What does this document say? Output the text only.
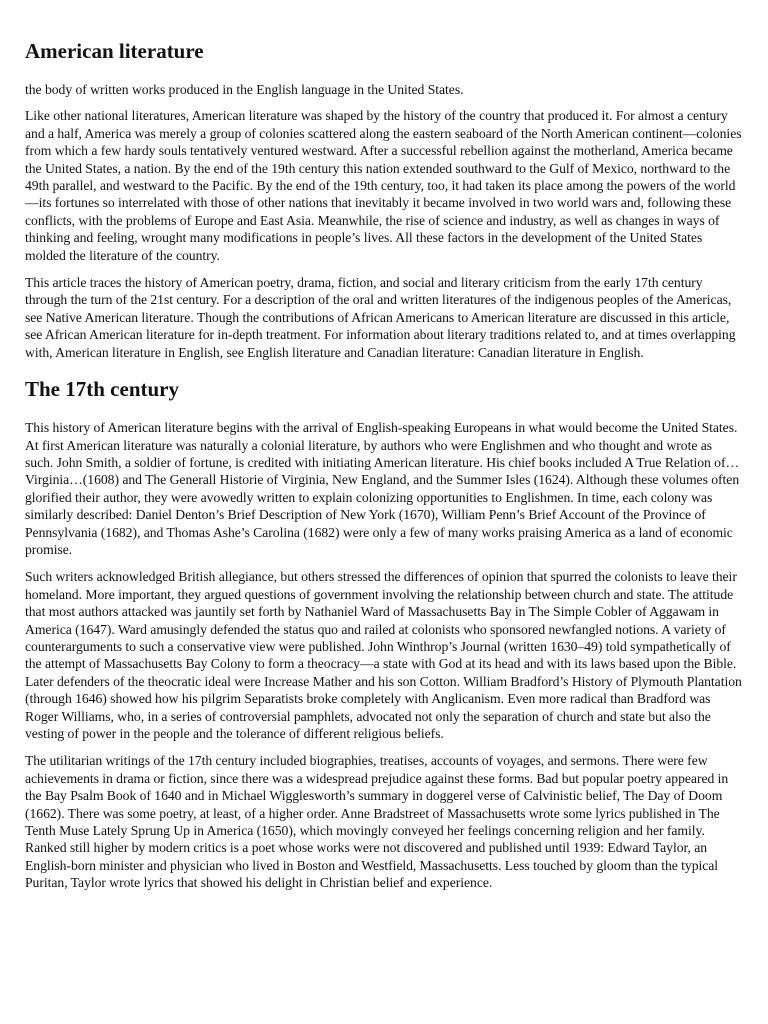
American literature

the body of written works produced in the English language in the United States.

Like other national literatures, American literature was shaped by the history of the country that produced it. For almost a century and a half, America was merely a group of colonies scattered along the eastern seaboard of the North American continent—colonies from which a few hardy souls tentatively ventured westward. After a successful rebellion against the motherland, America became the United States, a nation. By the end of the 19th century this nation extended southward to the Gulf of Mexico, northward to the 49th parallel, and westward to the Pacific. By the end of the 19th century, too, it had taken its place among the powers of the world—its fortunes so interrelated with those of other nations that inevitably it became involved in two world wars and, following these conflicts, with the problems of Europe and East Asia. Meanwhile, the rise of science and industry, as well as changes in ways of thinking and feeling, wrought many modifications in people’s lives. All these factors in the development of the United States molded the literature of the country.

This article traces the history of American poetry, drama, fiction, and social and literary criticism from the early 17th century through the turn of the 21st century. For a description of the oral and written literatures of the indigenous peoples of the Americas, see Native American literature. Though the contributions of African Americans to American literature are discussed in this article, see African American literature for in-depth treatment. For information about literary traditions related to, and at times overlapping with, American literature in English, see English literature and Canadian literature: Canadian literature in English.

The 17th century

This history of American literature begins with the arrival of English-speaking Europeans in what would become the United States. At first American literature was naturally a colonial literature, by authors who were Englishmen and who thought and wrote as such. John Smith, a soldier of fortune, is credited with initiating American literature. His chief books included A True Relation of…Virginia…(1608) and The Generall Historie of Virginia, New England, and the Summer Isles (1624). Although these volumes often glorified their author, they were avowedly written to explain colonizing opportunities to Englishmen. In time, each colony was similarly described: Daniel Denton’s Brief Description of New York (1670), William Penn’s Brief Account of the Province of Pennsylvania (1682), and Thomas Ashe’s Carolina (1682) were only a few of many works praising America as a land of economic promise.

Such writers acknowledged British allegiance, but others stressed the differences of opinion that spurred the colonists to leave their homeland. More important, they argued questions of government involving the relationship between church and state. The attitude that most authors attacked was jauntily set forth by Nathaniel Ward of Massachusetts Bay in The Simple Cobler of Aggawam in America (1647). Ward amusingly defended the status quo and railed at colonists who sponsored newfangled notions. A variety of counterarguments to such a conservative view were published. John Winthrop’s Journal (written 1630–49) told sympathetically of the attempt of Massachusetts Bay Colony to form a theocracy—a state with God at its head and with its laws based upon the Bible. Later defenders of the theocratic ideal were Increase Mather and his son Cotton. William Bradford’s History of Plymouth Plantation (through 1646) showed how his pilgrim Separatists broke completely with Anglicanism. Even more radical than Bradford was Roger Williams, who, in a series of controversial pamphlets, advocated not only the separation of church and state but also the vesting of power in the people and the tolerance of different religious beliefs.

The utilitarian writings of the 17th century included biographies, treatises, accounts of voyages, and sermons. There were few achievements in drama or fiction, since there was a widespread prejudice against these forms. Bad but popular poetry appeared in the Bay Psalm Book of 1640 and in Michael Wigglesworth’s summary in doggerel verse of Calvinistic belief, The Day of Doom (1662). There was some poetry, at least, of a higher order. Anne Bradstreet of Massachusetts wrote some lyrics published in The Tenth Muse Lately Sprung Up in America (1650), which movingly conveyed her feelings concerning religion and her family. Ranked still higher by modern critics is a poet whose works were not discovered and published until 1939: Edward Taylor, an English-born minister and physician who lived in Boston and Westfield, Massachusetts. Less touched by gloom than the typical Puritan, Taylor wrote lyrics that showed his delight in Christian belief and experience.
